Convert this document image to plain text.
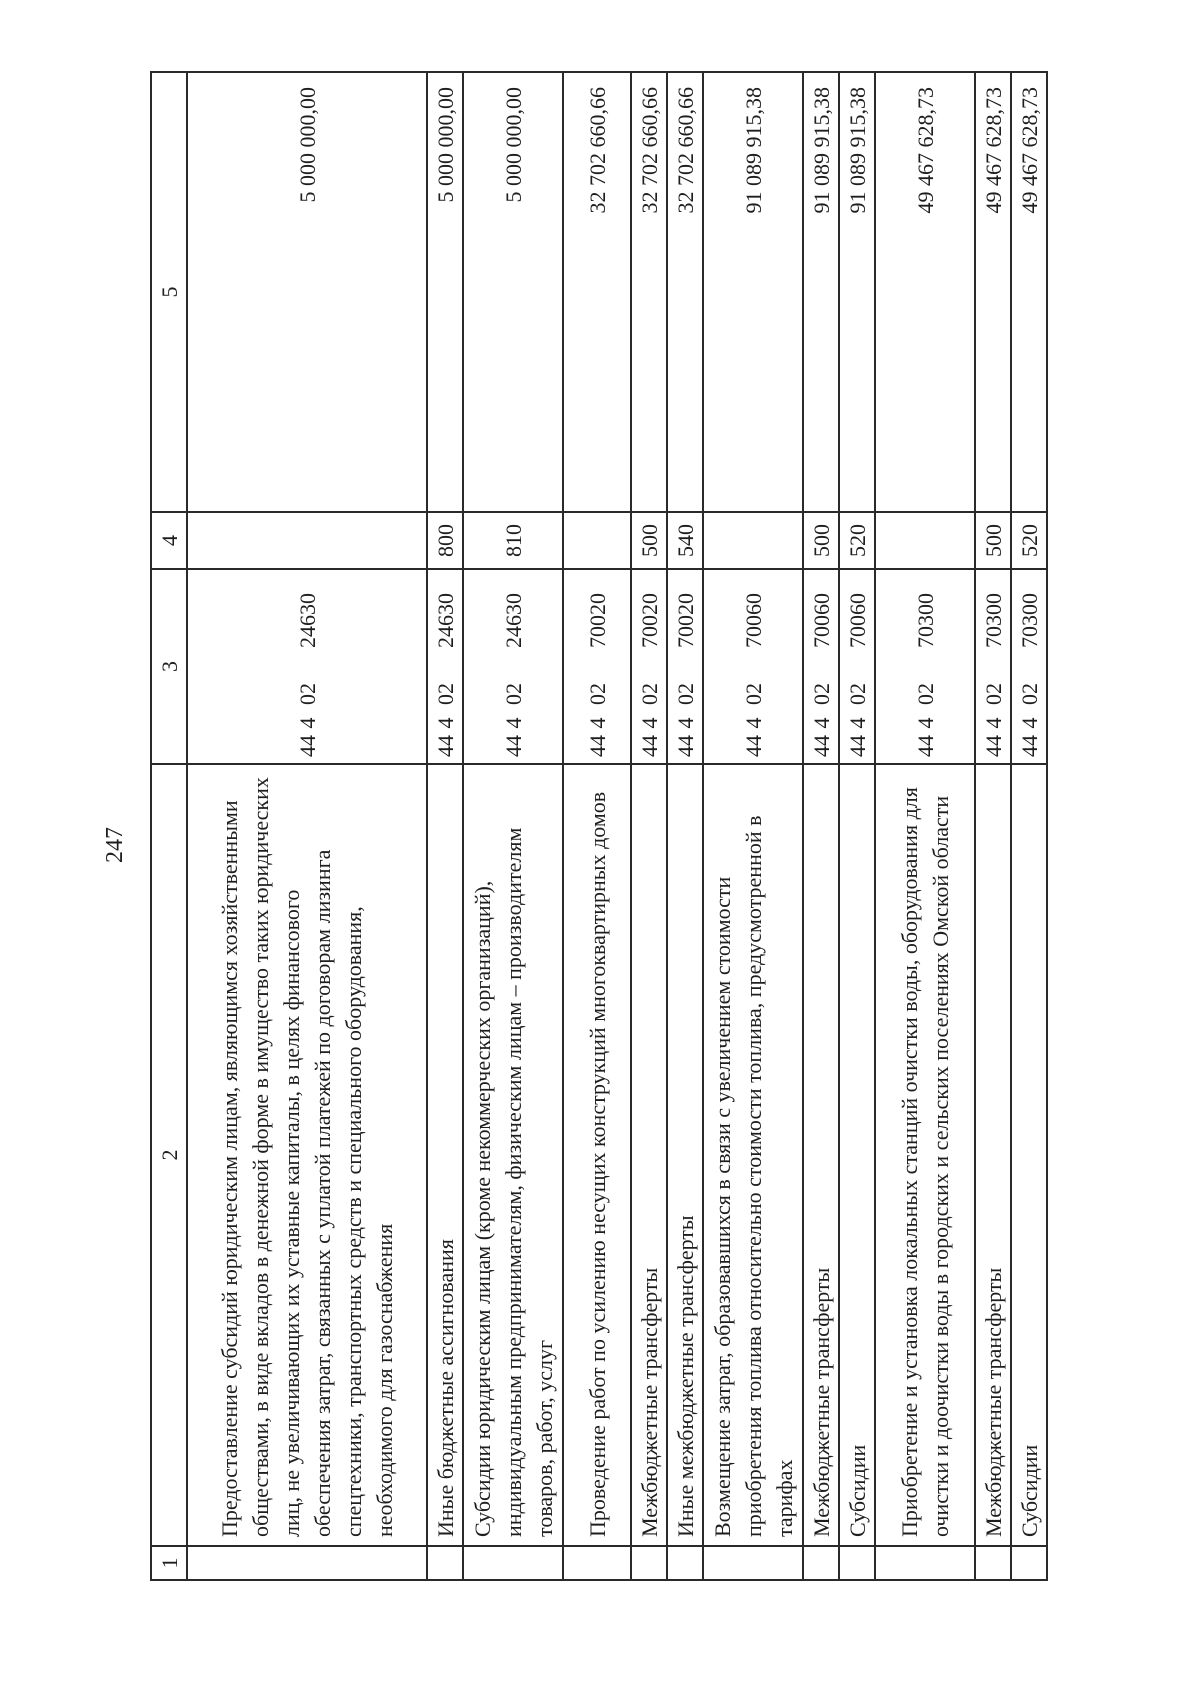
247
1	2	3	4	5
	Предоставление субсидий юридическим лицам, являющимся хозяйственными обществами, в виде вкладов в денежной форме в имущество таких юридических лиц, не увеличивающих их уставные капиталы, в целях финансового обеспечения затрат, связанных с уплатой платежей по договорам лизинга спецтехники, транспортных средств и специального оборудования, необходимого для газоснабжения	4440224630		5 000 000,00
	Иные бюджетные ассигнования	4440224630	800	5 000 000,00
	Субсидии юридическим лицам (кроме некоммерческих организаций), индивидуальным предпринимателям, физическим лицам – производителям товаров, работ, услуг	4440224630	810	5 000 000,00
	Проведение работ по усилению несущих конструкций многоквартирных домов	4440270020		32 702 660,66
	Межбюджетные трансферты	4440270020	500	32 702 660,66
	Иные межбюджетные трансферты	4440270020	540	32 702 660,66
	Возмещение затрат, образовавшихся в связи с увеличением стоимости приобретения топлива относительно стоимости топлива, предусмотренной в тарифах	4440270060		91 089 915,38
	Межбюджетные трансферты	4440270060	500	91 089 915,38
	Субсидии	4440270060	520	91 089 915,38
	Приобретение и установка локальных станций очистки воды, оборудования для очистки и доочистки воды в городских и сельских поселениях Омской области	4440270300		49 467 628,73
	Межбюджетные трансферты	4440270300	500	49 467 628,73
	Субсидии	4440270300	520	49 467 628,73
